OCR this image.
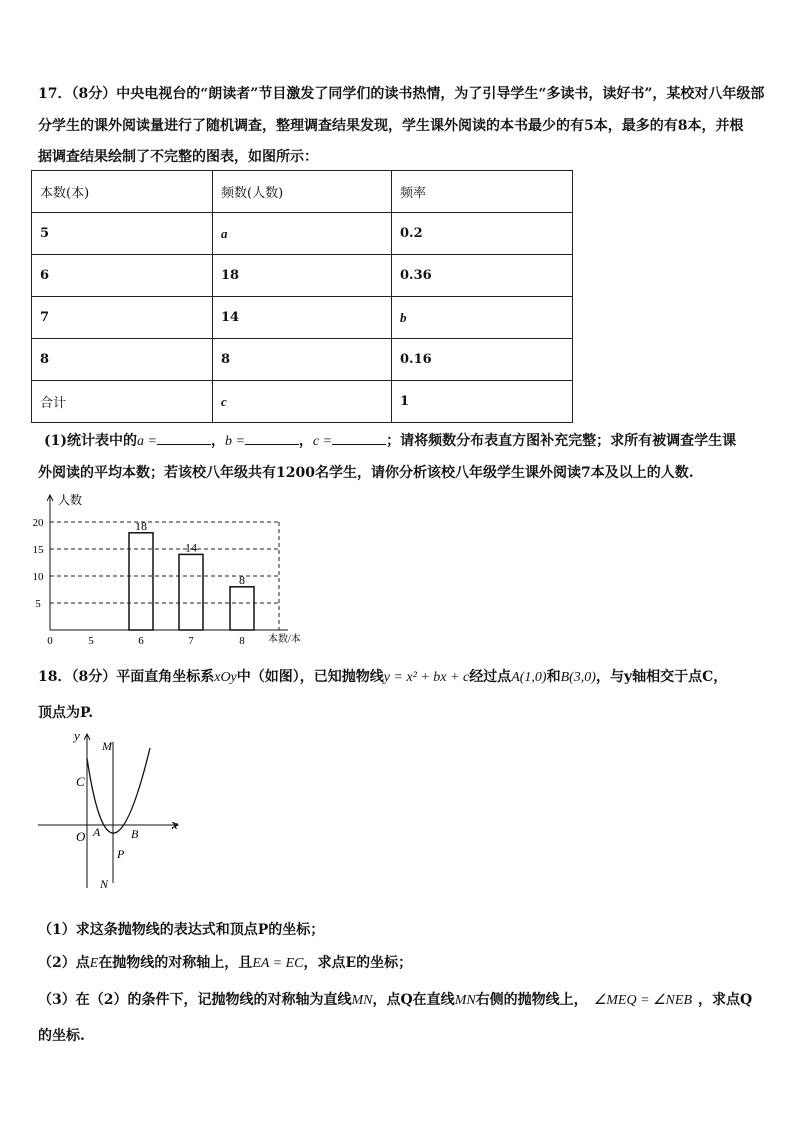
17．（8分）中央电视台的“朗读者”节目激发了同学们的读书热情，为了引导学生“多读书，读好书”，某校对八年级部
分学生的课外阅读量进行了随机调查，整理调查结果发现，学生课外阅读的本书最少的有5本，最多的有8本，并根
据调查结果绘制了不完整的图表，如图所示：
本数(本)	频数(人数)	频率
5	a	0.2
6	18	0.36
7	14	b
8	8	0.16
合计	c	1
(1)统计表中的a =	，b =	，c =	；请将频数分布表直方图补充完整；求所有被调查学生课
外阅读的平均本数；若该校八年级共有1200名学生，请你分析该校八年级学生课外阅读7本及以上的人数.
人数
本数/本
18
14
8
5
10
15
20
0	5	6	7	8
18．（8分）平面直角坐标系xOy中（如图），已知抛物线y = x² + bx + c经过点A(1,0)和B(3,0)，与y轴相交于点C，
顶点为P.
y
x
M
N
C
O A	B
P
（1）求这条抛物线的表达式和顶点P的坐标；
（2）点E在抛物线的对称轴上，且EA = EC，求点E的坐标；
（3）在（2）的条件下，记抛物线的对称轴为直线MN，点Q在直线MN右侧的抛物线上， ∠MEQ = ∠NEB ，求点Q
的坐标.
